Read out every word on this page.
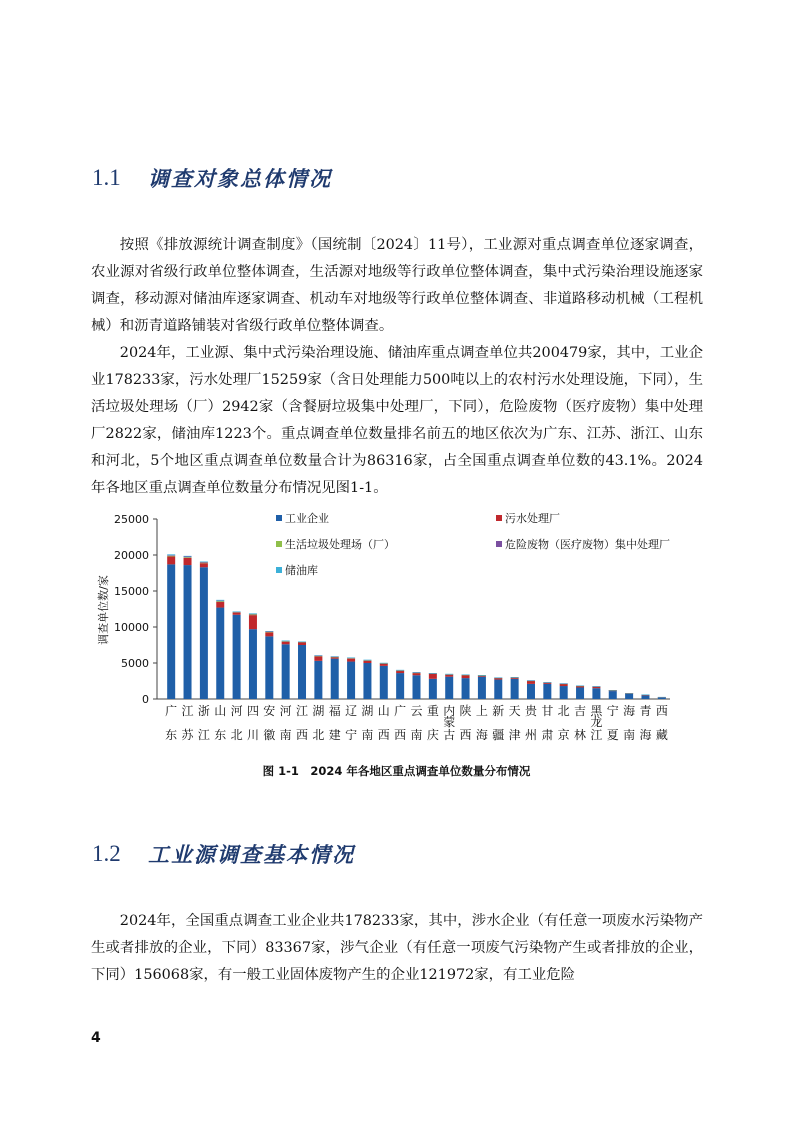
1.1	调查对象总体情况

按照《排放源统计调查制度》（国统制〔2024〕11号），工业源对重点调查单位逐家调查，农业源对省级行政单位整体调查，生活源对地级等行政单位整体调查，集中式污染治理设施逐家调查，移动源对储油库逐家调查、机动车对地级等行政单位整体调查、非道路移动机械（工程机械）和沥青道路铺装对省级行政单位整体调查。

2024年，工业源、集中式污染治理设施、储油库重点调查单位共200479家，其中，工业企业178233家，污水处理厂15259家（含日处理能力500吨以上的农村污水处理设施，下同），生活垃圾处理场（厂）2942家（含餐厨垃圾集中处理厂，下同），危险废物（医疗废物）集中处理厂2822家，储油库1223个。重点调查单位数量排名前五的地区依次为广东、江苏、浙江、山东和河北，5个地区重点调查单位数量合计为86316家，占全国重点调查单位数的43.1%。2024年各地区重点调查单位数量分布情况见图1-1。

0
5000
10000
15000
20000
25000
调查单位数/家
广东
江苏
浙江
山东
河北
四川
安徽
河南
江西
湖北
福建
辽宁
湖南
山西
广西
云南
重庆
内蒙古
陕西
上海
新疆
天津
贵州
甘肃
北京
吉林
黑龙江
宁夏
海南
青海
西藏
工业企业	污水处理厂
生活垃圾处理场（厂）	危险废物（医疗废物）集中处理厂
储油库
图 1-1　2024 年各地区重点调查单位数量分布情况
1.2	工业源调查基本情况

2024年，全国重点调查工业企业共178233家，其中，涉水企业（有任意一项废水污染物产生或者排放的企业，下同）83367家，涉气企业（有任意一项废气污染物产生或者排放的企业，下同）156068家，有一般工业固体废物产生的企业121972家，有工业危险

4
